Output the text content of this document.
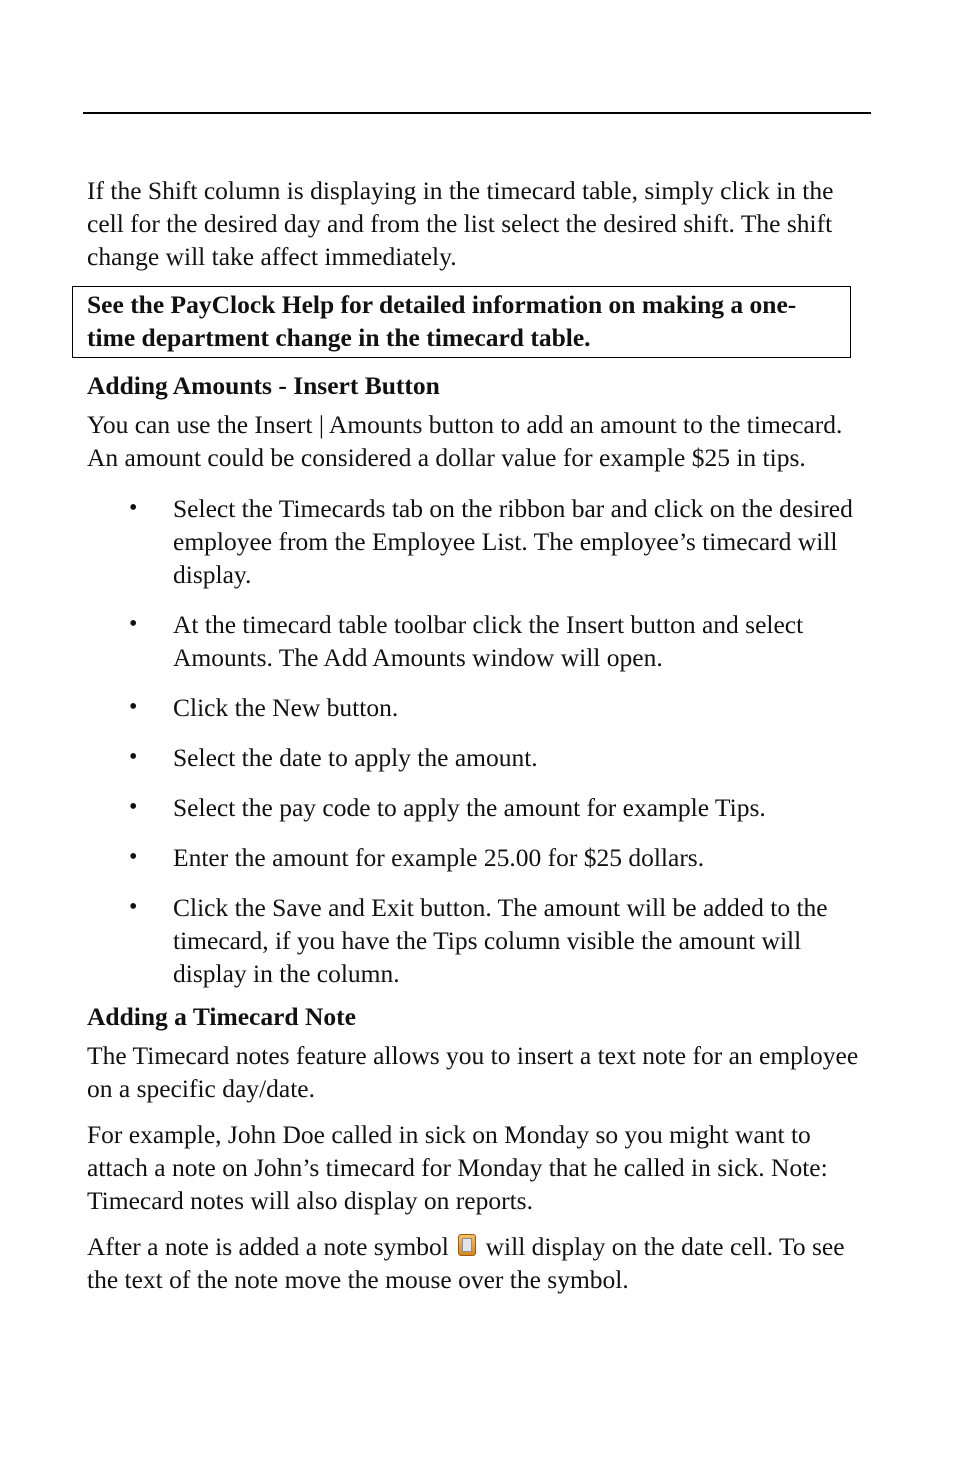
If the Shift column is displaying in the timecard table, simply click in the cell for the desired day and from the list select the desired shift. The shift change will take affect immediately.

See the PayClock Help for detailed information on making a one-time department change in the timecard table.
Adding Amounts - Insert Button

You can use the Insert | Amounts button to add an amount to the timecard. An amount could be considered a dollar value for example $25 in tips.

• Select the Timecards tab on the ribbon bar and click on the desired employee from the Employee List. The employee’s timecard will display.
• At the timecard table toolbar click the Insert button and select Amounts. The Add Amounts window will open.
• Click the New button.
• Select the date to apply the amount.
• Select the pay code to apply the amount for example Tips.
• Enter the amount for example 25.00 for $25 dollars.
• Click the Save and Exit button. The amount will be added to the timecard, if you have the Tips column visible the amount will display in the column.
Adding a Timecard Note

The Timecard notes feature allows you to insert a text note for an employee on a specific day/date.

For example, John Doe called in sick on Monday so you might want to attach a note on John’s timecard for Monday that he called in sick. Note: Timecard notes will also display on reports.

After a note is added a note symbol will display on the date cell. To see the text of the note move the mouse over the symbol.
